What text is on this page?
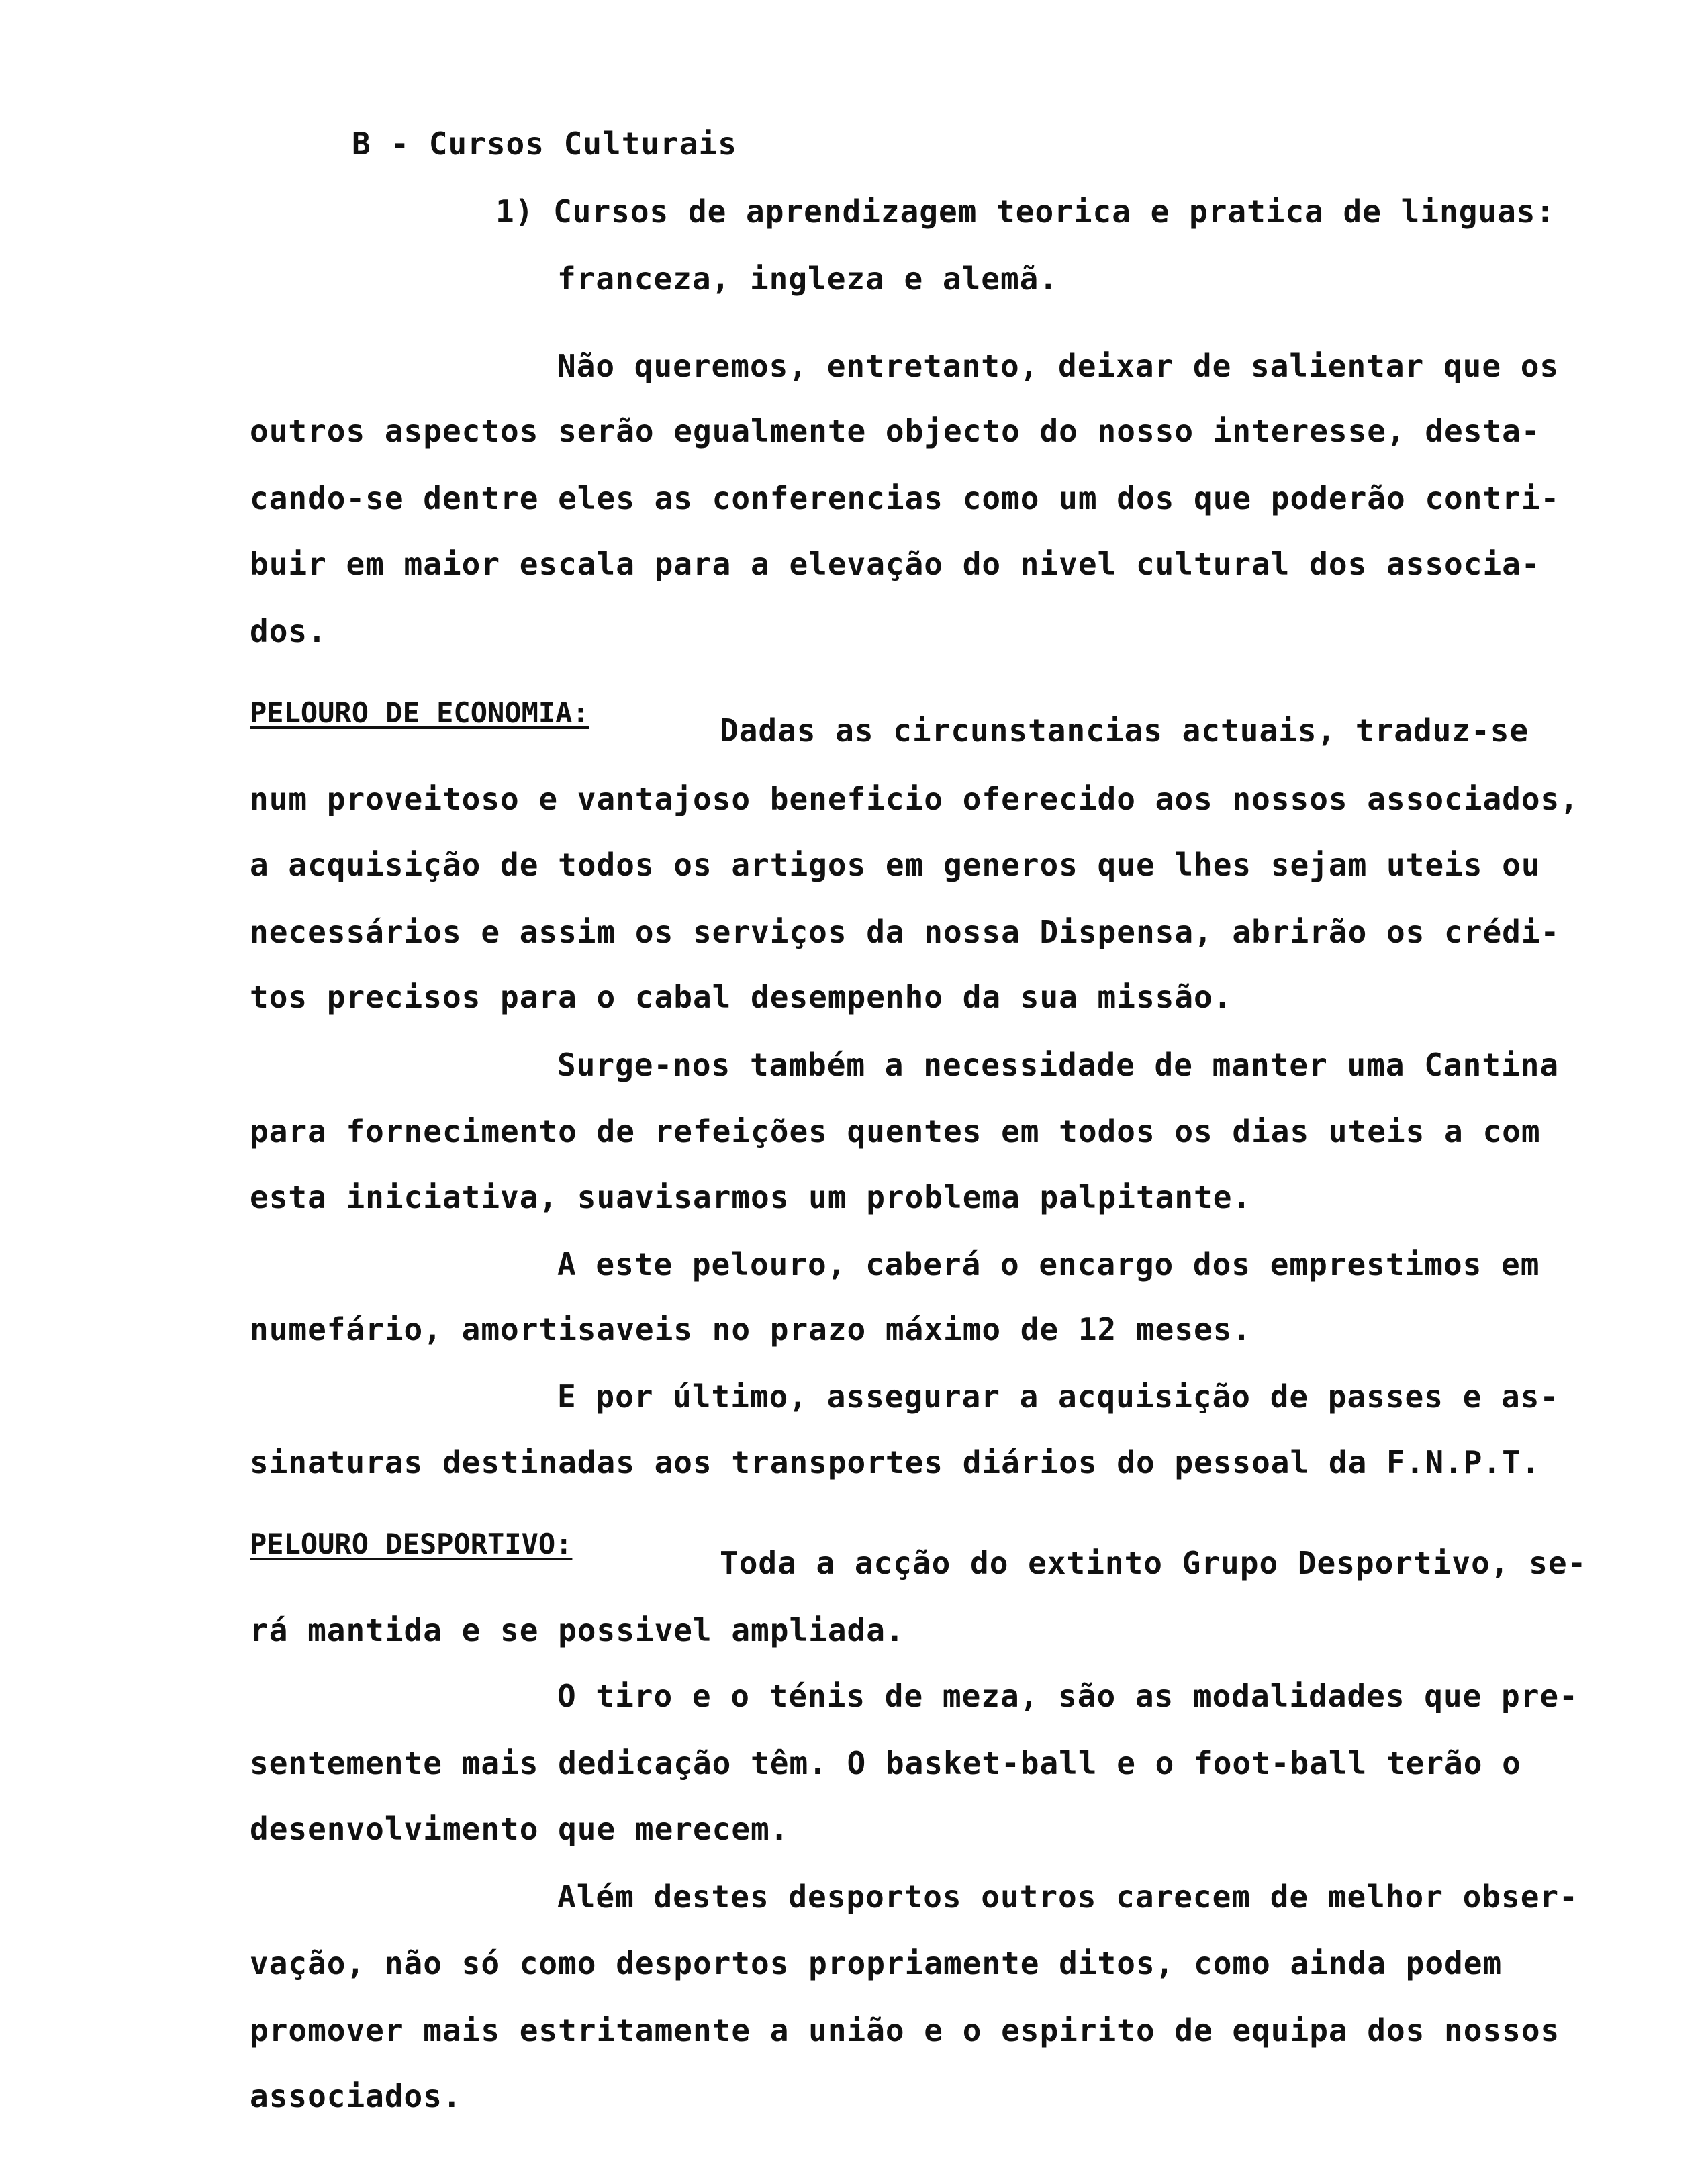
B - Cursos Culturais
1) Cursos de aprendizagem teorica e pratica de linguas:
franceza, ingleza e alemã.
Não queremos, entretanto, deixar de salientar que os
outros aspectos serão egualmente objecto do nosso interesse, desta-
cando-se dentre eles as conferencias como um dos que poderão contri-
buir em maior escala para a elevação do nivel cultural dos associa-
dos.
PELOURO DE ECONOMIA:	Dadas as circunstancias actuais, traduz-se
num proveitoso e vantajoso beneficio oferecido aos nossos associados,
a acquisição de todos os artigos em generos que lhes sejam uteis ou
necessários e assim os serviços da nossa Dispensa, abrirão os crédi-
tos precisos para o cabal desempenho da sua missão.
Surge-nos também a necessidade de manter uma Cantina
para fornecimento de refeições quentes em todos os dias uteis a com
esta iniciativa, suavisarmos um problema palpitante.
A este pelouro, caberá o encargo dos emprestimos em
numefário, amortisaveis no prazo máximo de 12 meses.
E por último, assegurar a acquisição de passes e as-
sinaturas destinadas aos transportes diários do pessoal da F.N.P.T.
PELOURO DESPORTIVO:
Toda a acção do extinto Grupo Desportivo, se-
rá mantida e se possivel ampliada.
O tiro e o ténis de meza, são as modalidades que pre-
sentemente mais dedicação têm. O basket-ball e o foot-ball terão o
desenvolvimento que merecem.
Além destes desportos outros carecem de melhor obser-
vação, não só como desportos propriamente ditos, como ainda podem
promover mais estritamente a união e o espirito de equipa dos nossos
associados.
